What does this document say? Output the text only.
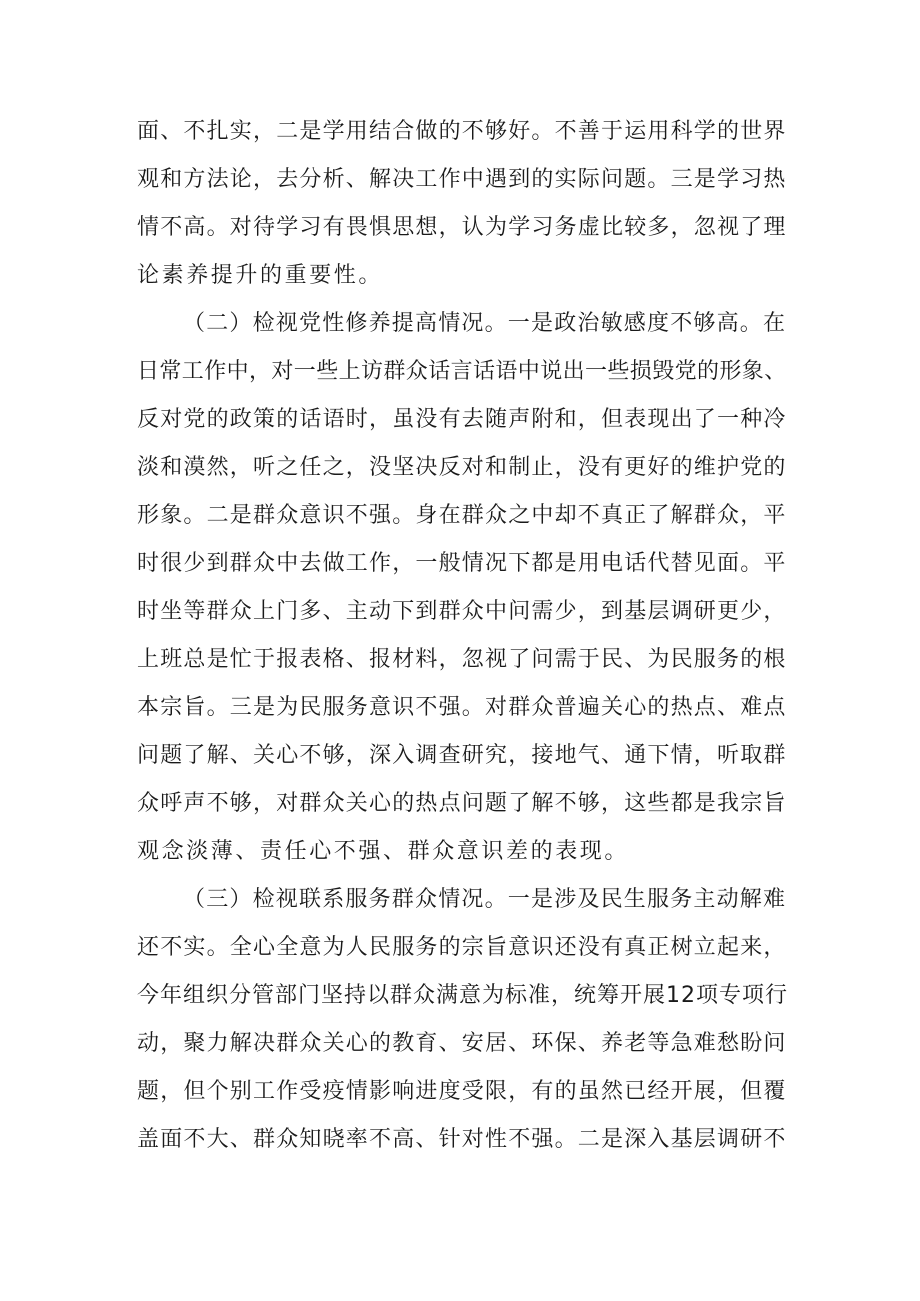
面、不扎实，二是学用结合做的不够好。不善于运用科学的世界
观和方法论，去分析、解决工作中遇到的实际问题。三是学习热
情不高。对待学习有畏惧思想，认为学习务虚比较多，忽视了理
论素养提升的重要性。
（二）检视党性修养提高情况。一是政治敏感度不够高。在
日常工作中，对一些上访群众话言话语中说出一些损毁党的形象、
反对党的政策的话语时，虽没有去随声附和，但表现出了一种冷
淡和漠然，听之任之，没坚决反对和制止，没有更好的维护党的
形象。二是群众意识不强。身在群众之中却不真正了解群众，平
时很少到群众中去做工作，一般情况下都是用电话代替见面。平
时坐等群众上门多、主动下到群众中问需少，到基层调研更少，
上班总是忙于报表格、报材料，忽视了问需于民、为民服务的根
本宗旨。三是为民服务意识不强。对群众普遍关心的热点、难点
问题了解、关心不够，深入调查研究，接地气、通下情，听取群
众呼声不够，对群众关心的热点问题了解不够，这些都是我宗旨
观念淡薄、责任心不强、群众意识差的表现。
（三）检视联系服务群众情况。一是涉及民生服务主动解难
还不实。全心全意为人民服务的宗旨意识还没有真正树立起来，
今年组织分管部门坚持以群众满意为标准，统筹开展12项专项行
动，聚力解决群众关心的教育、安居、环保、养老等急难愁盼问
题，但个别工作受疫情影响进度受限，有的虽然已经开展，但覆
盖面不大、群众知晓率不高、针对性不强。二是深入基层调研不
